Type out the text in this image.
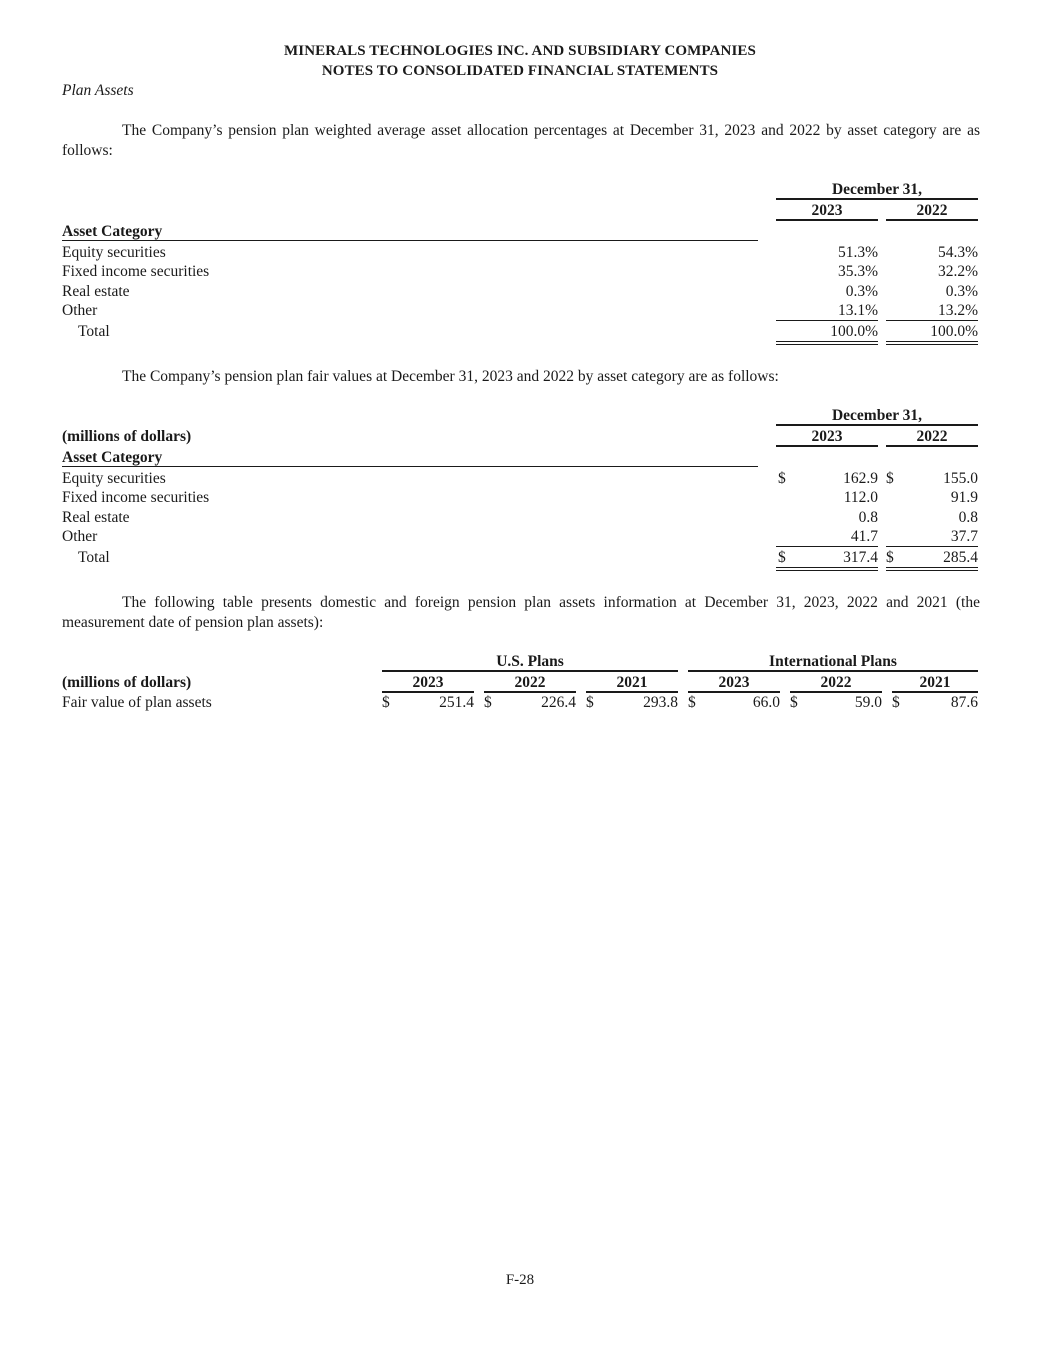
MINERALS TECHNOLOGIES INC. AND SUBSIDIARY COMPANIES
NOTES TO CONSOLIDATED FINANCIAL STATEMENTS
Plan Assets
The Company’s pension plan weighted average asset allocation percentages at December 31, 2023 and 2022 by asset category are as follows:
December 31,
2023	2022
Asset Category
Equity securities	51.3%	54.3%
Fixed income securities	35.3%	32.2%
Real estate	0.3%	0.3%
Other	13.1%	13.2%
Total	100.0%	100.0%
The Company’s pension plan fair values at December 31, 2023 and 2022 by asset category are as follows:
December 31,
(millions of dollars)	2023	2022
Asset Category
Equity securities	$	162.9 $	155.0
Fixed income securities	112.0	91.9
Real estate	0.8	0.8
Other	41.7	37.7
Total	$	317.4 $	285.4
The following table presents domestic and foreign pension plan assets information at December 31, 2023, 2022 and 2021 (the measurement date of pension plan assets):
U.S. Plans	International Plans
(millions of dollars)	2023	2022	2021	2023	2022	2021
Fair value of plan assets	$	251.4 $	226.4 $	293.8 $	66.0 $	59.0 $	87.6
F-28
